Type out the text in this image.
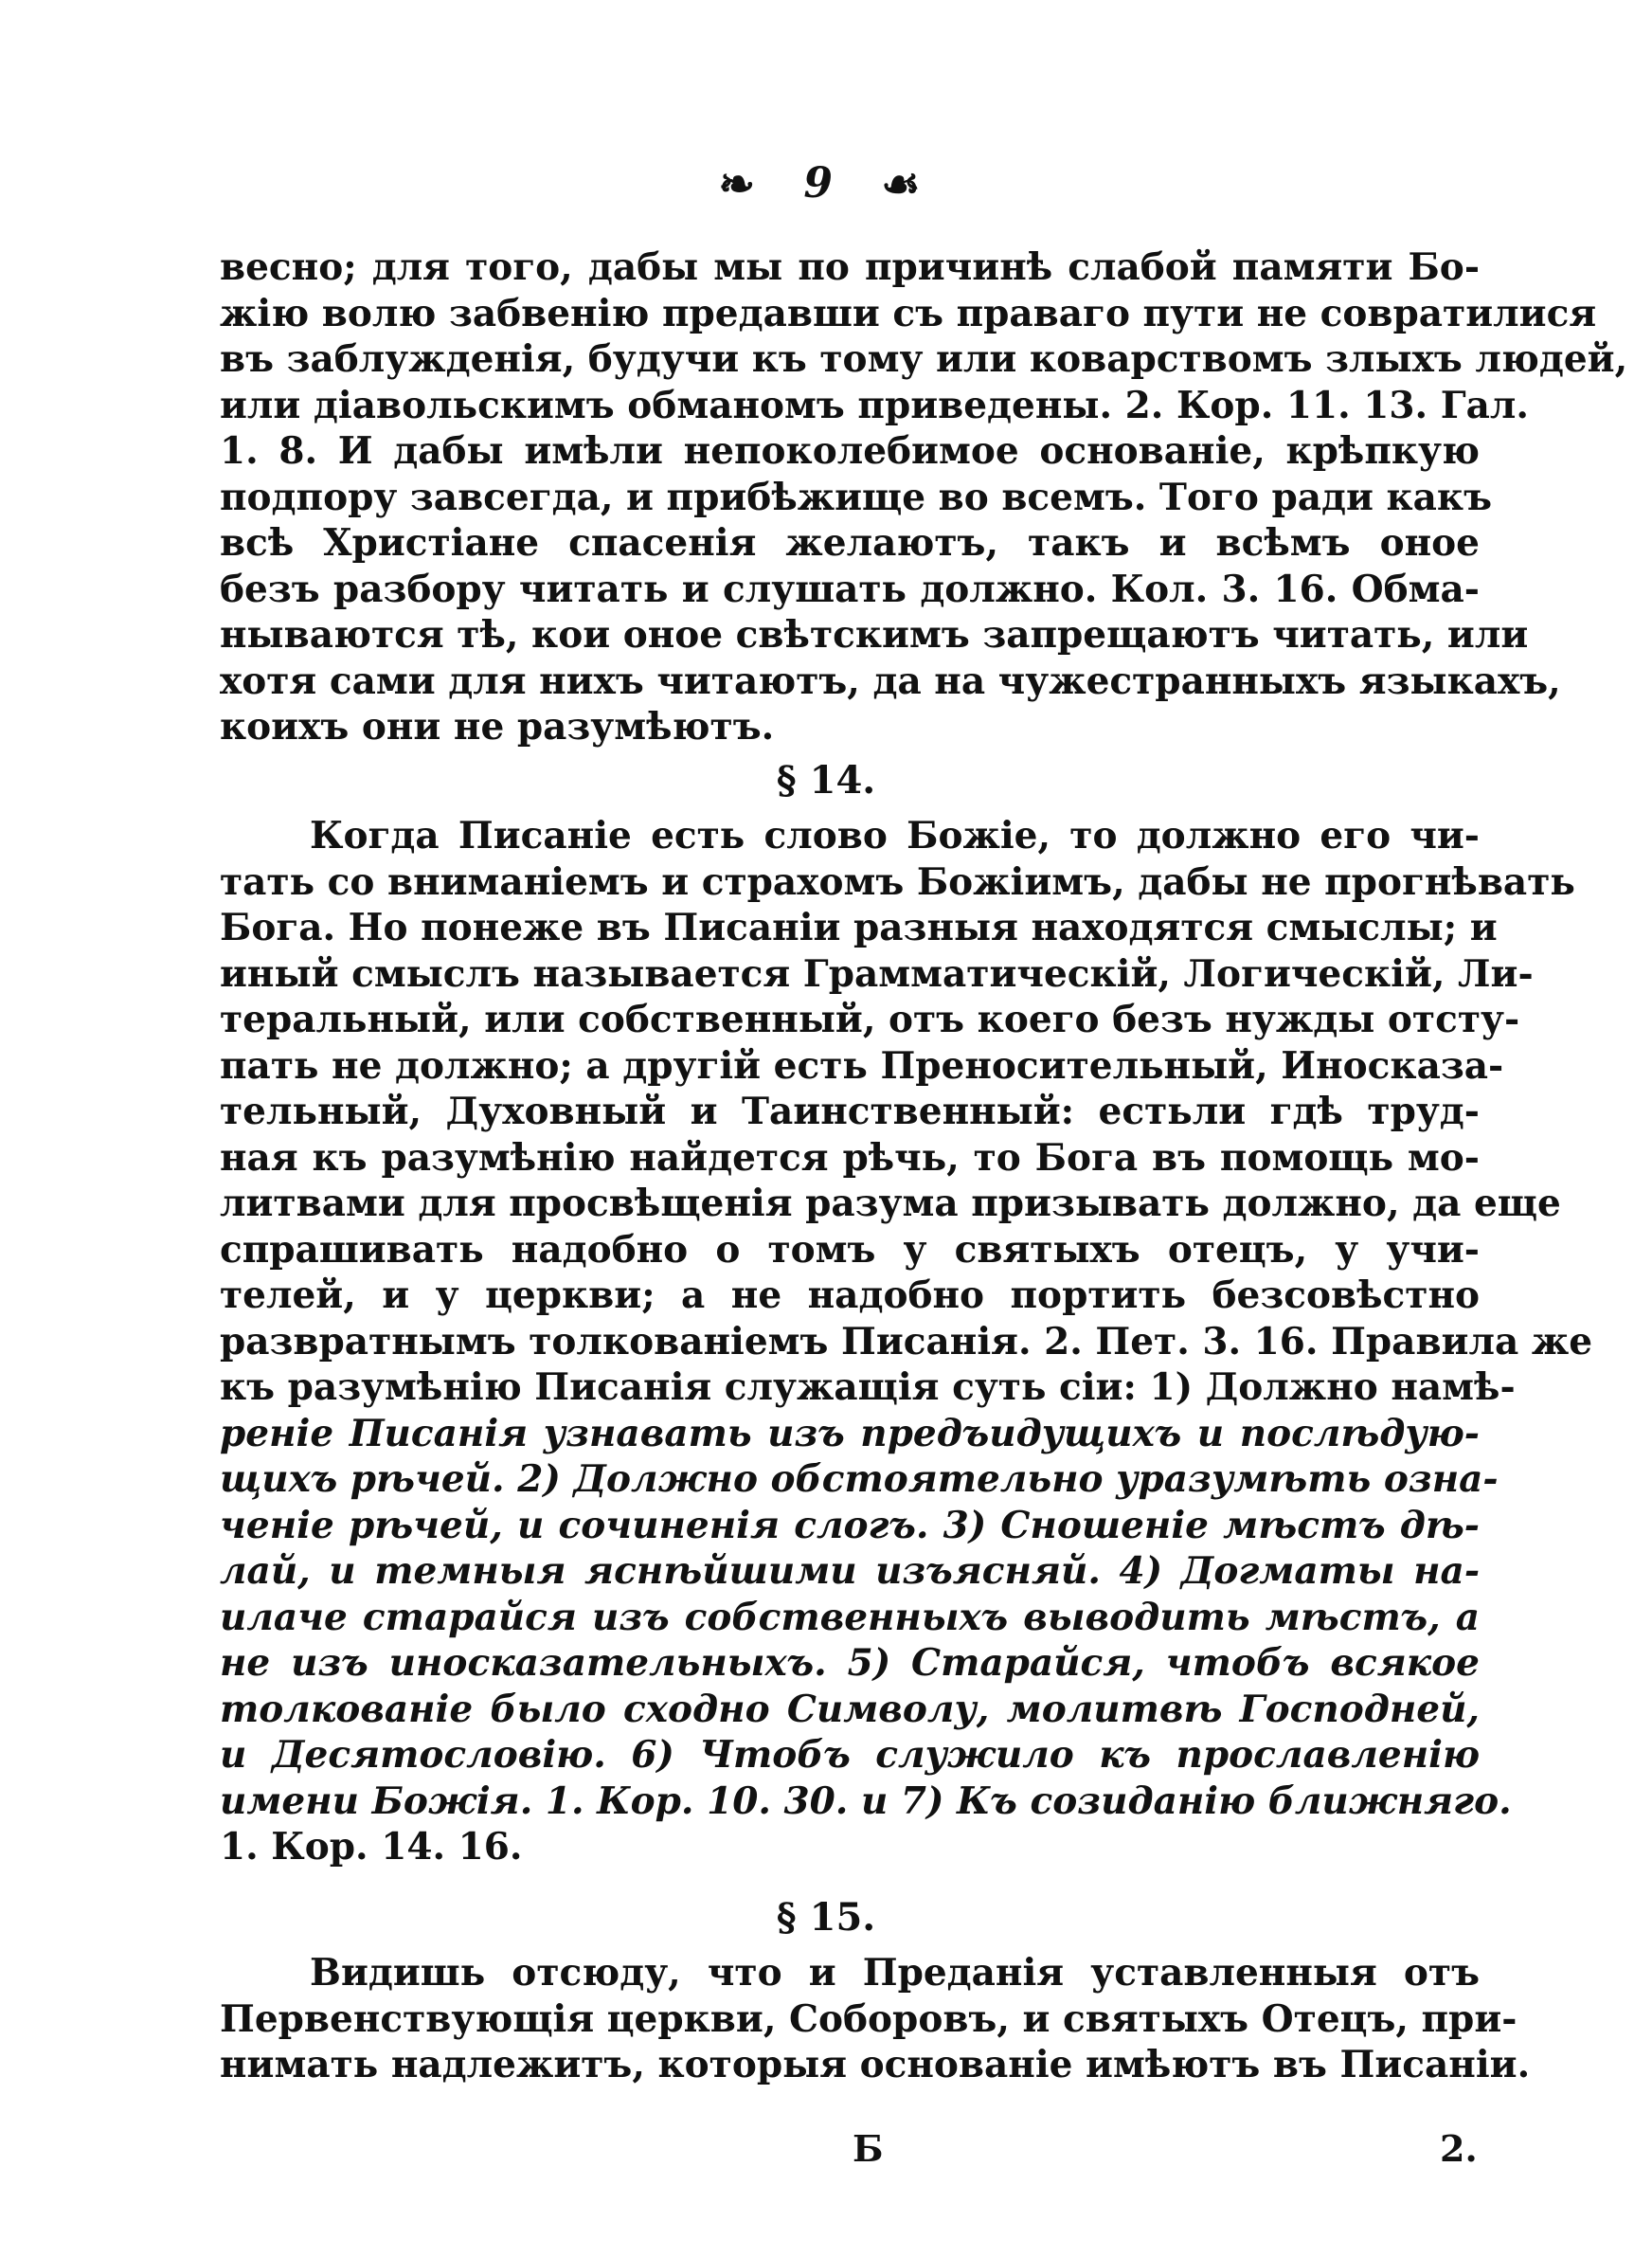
❧ 9 ☙
весно; для того, дабы мы по причинѣ слабой памяти Бо-
жію волю забвенію предавши съ праваго пути не совратилися
въ заблужденія, будучи къ тому или коварствомъ злыхъ людей,
или діавольскимъ обманомъ приведены. 2. Кор. 11. 13. Гал.
1. 8. И дабы имѣли непоколебимое основаніе, крѣпкую
подпору завсегда, и прибѣжище во всемъ. Того ради какъ
всѣ Христіане спасенія желаютъ, такъ и всѣмъ оное
безъ разбору читать и слушать должно. Кол. 3. 16. Обма-
нываются тѣ, кои оное свѣтскимъ запрещаютъ читать, или
хотя сами для нихъ читаютъ, да на чужестранныхъ языкахъ,
коихъ они не разумѣютъ.
§ 14.
Когда Писаніе есть слово Божіе, то должно его чи-
тать со вниманіемъ и страхомъ Божіимъ, дабы не прогнѣвать
Бога. Но понеже въ Писаніи разныя находятся смыслы; и
иный смыслъ называется Грамматическій, Логическій, Ли-
теральный, или собственный, отъ коего безъ нужды отсту-
пать не должно; а другій есть Преносительный, Иносказа-
тельный, Духовный и Таинственный: естьли гдѣ труд-
ная къ разумѣнію найдется рѣчь, то Бога въ помощь мо-
литвами для просвѣщенія разума призывать должно, да еще
спрашивать надобно о томъ у святыхъ отецъ, у учи-
телей, и у церкви; а не надобно портить безсовѣстно
развратнымъ толкованіемъ Писанія. 2. Пет. 3. 16. Правила же
къ разумѣнію Писанія служащія суть сіи: 1) Должно намѣ-
реніе Писанія узнавать изъ предъидущихъ и послѣдую-
щихъ рѣчей. 2) Должно обстоятельно уразумѣть озна-
ченіе рѣчей, и сочиненія слогъ. 3) Сношеніе мѣстъ дѣ-
лай, и темныя яснѣйшими изъясняй. 4) Догматы на-
илаче старайся изъ собственныхъ выводить мѣстъ, а
не изъ иносказательныхъ. 5) Старайся, чтобъ всякое
толкованіе было сходно Символу, молитвѣ Господней,
и Десятословію. 6) Чтобъ служило къ прославленію
имени Божія. 1. Кор. 10. 30. и 7) Къ созиданію ближняго.
1. Кор. 14. 16.
§ 15.
Видишь отсюду, что и Преданія уставленныя отъ
Первенствующія церкви, Соборовъ, и святыхъ Отецъ, при-
нимать надлежитъ, которыя основаніе имѣютъ въ Писаніи.
Б	2.
